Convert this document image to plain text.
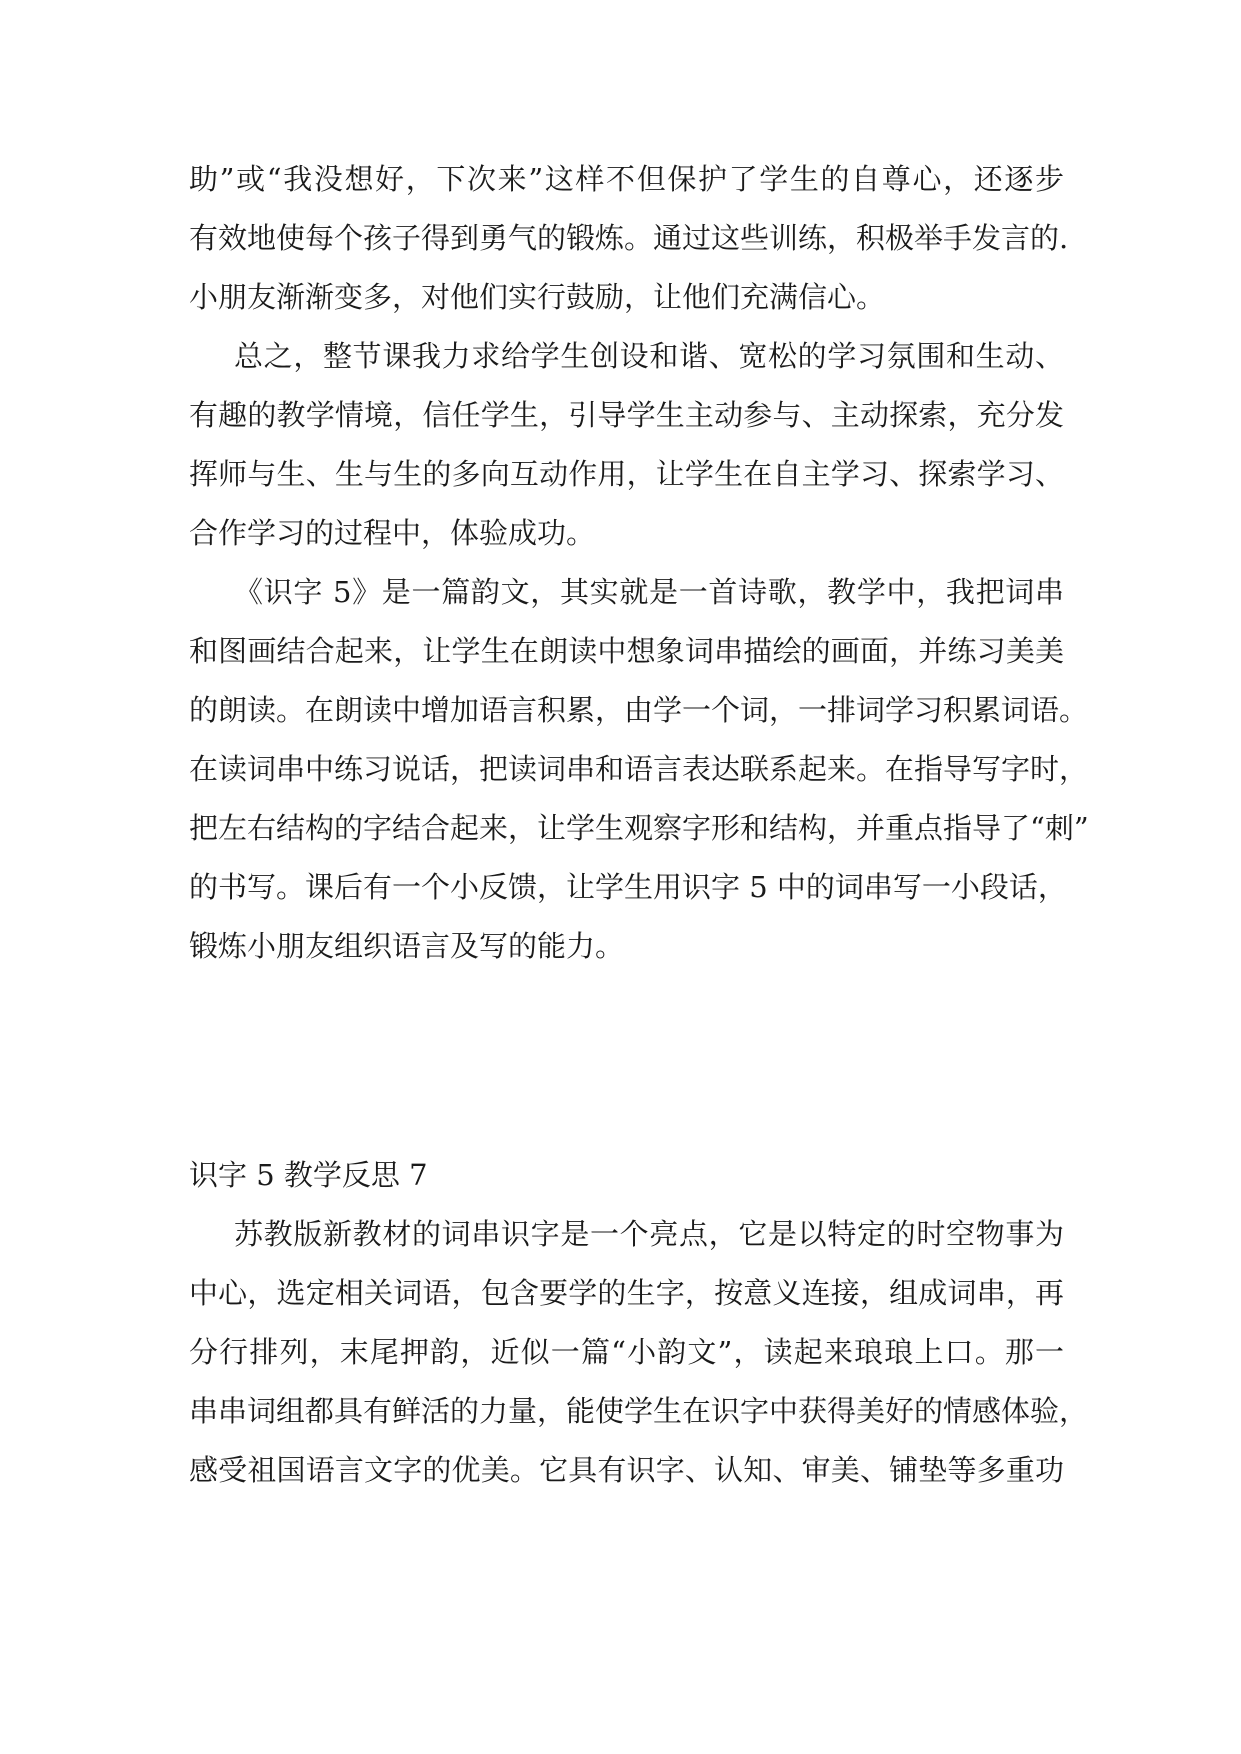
助”或“我没想好，下次来”这样不但保护了学生的自尊心，还逐步
有效地使每个孩子得到勇气的锻炼。通过这些训练，积极举手发言的.
小朋友渐渐变多，对他们实行鼓励，让他们充满信心。
总之，整节课我力求给学生创设和谐、宽松的学习氛围和生动、
有趣的教学情境，信任学生，引导学生主动参与、主动探索，充分发
挥师与生、生与生的多向互动作用，让学生在自主学习、探索学习、
合作学习的过程中，体验成功。
《识字 5》是一篇韵文，其实就是一首诗歌，教学中，我把词串
和图画结合起来，让学生在朗读中想象词串描绘的画面，并练习美美
的朗读。在朗读中增加语言积累，由学一个词，一排词学习积累词语。
在读词串中练习说话，把读词串和语言表达联系起来。在指导写字时，
把左右结构的字结合起来，让学生观察字形和结构，并重点指导了“刺”
的书写。课后有一个小反馈，让学生用识字 5 中的词串写一小段话，
锻炼小朋友组织语言及写的能力。
识字 5 教学反思 7
苏教版新教材的词串识字是一个亮点，它是以特定的时空物事为
中心，选定相关词语，包含要学的生字，按意义连接，组成词串，再
分行排列，末尾押韵，近似一篇“小韵文”，读起来琅琅上口。那一
串串词组都具有鲜活的力量，能使学生在识字中获得美好的情感体验，
感受祖国语言文字的优美。它具有识字、认知、审美、铺垫等多重功
